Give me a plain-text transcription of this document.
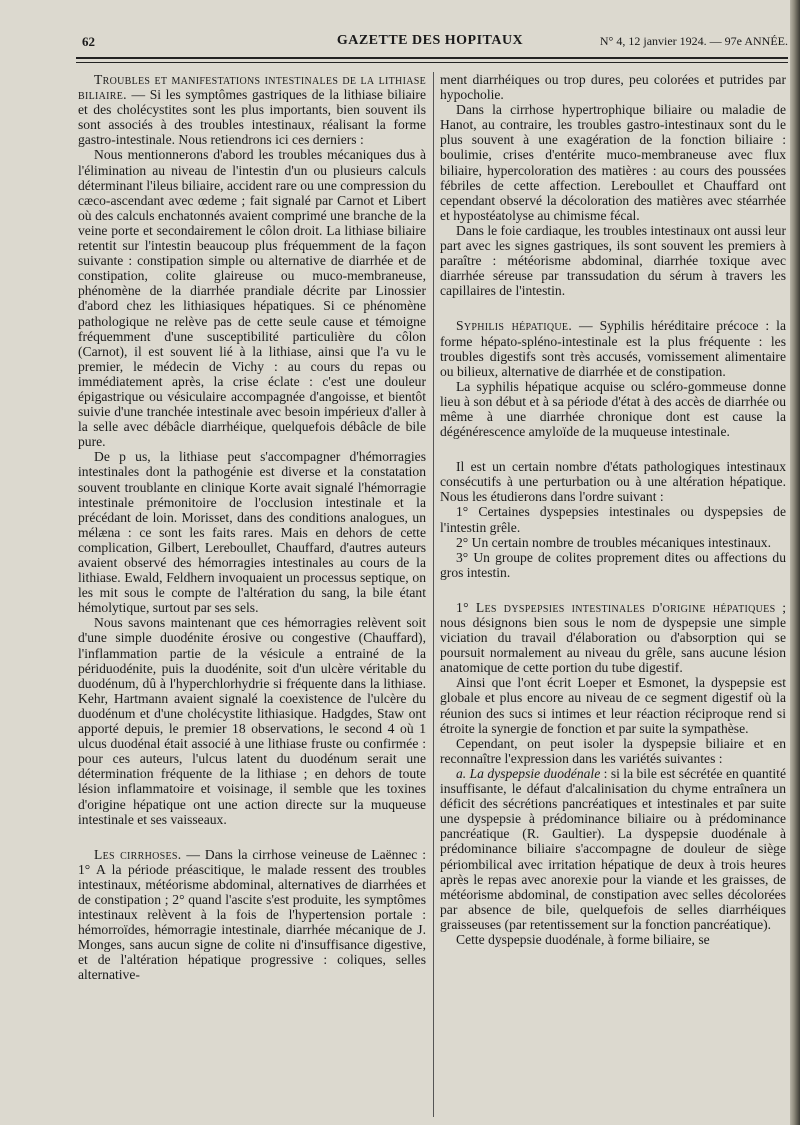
62	GAZETTE DES HOPITAUX	N° 4, 12 janvier 1924. — 97e ANNÉE.

Troubles et manifestations intestinales de la lithiase biliaire. — Si les symptômes gastriques de la lithiase biliaire et des cholécystites sont les plus importants, bien souvent ils sont associés à des troubles intestinaux, réalisant la forme gastro-intestinale. Nous retiendrons ici ces derniers :

Nous mentionnerons d'abord les troubles mécaniques dus à l'élimination au niveau de l'intestin d'un ou plusieurs calculs déterminant l'ileus biliaire, accident rare ou une compression du cæco-ascendant avec œdeme ; fait signalé par Carnot et Libert où des calculs enchatonnés avaient comprimé une branche de la veine porte et secondairement le côlon droit. La lithiase biliaire retentit sur l'intestin beaucoup plus fréquemment de la façon suivante : constipation simple ou alternative de diarrhée et de constipation, colite glaireuse ou muco-membraneuse, phénomène de la diarrhée prandiale décrite par Linossier d'abord chez les lithiasiques hépatiques. Si ce phénomène pathologique ne relève pas de cette seule cause et témoigne fréquemment d'une susceptibilité particulière du côlon (Carnot), il est souvent lié à la lithiase, ainsi que l'a vu le premier, le médecin de Vichy : au cours du repas ou immédiatement après, la crise éclate : c'est une douleur épigastrique ou vésiculaire accompagnée d'angoisse, et bientôt suivie d'une tranchée intestinale avec besoin impérieux d'aller à la selle avec débâcle diarrhéique, quelquefois débâcle de bile pure.

De p us, la lithiase peut s'accompagner d'hémorragies intestinales dont la pathogénie est diverse et la constatation souvent troublante en clinique Korte avait signalé l'hémorragie intestinale prémonitoire de l'occlusion intestinale et la précédant de loin. Morisset, dans des conditions analogues, un mélæna : ce sont les faits rares. Mais en dehors de cette complication, Gilbert, Lereboullet, Chauffard, d'autres auteurs avaient observé des hémorragies intestinales au cours de la lithiase. Ewald, Feldhern invoquaient un processus septique, on les mit sous le compte de l'altération du sang, la bile étant hémolytique, surtout par ses sels.

Nous savons maintenant que ces hémorragies relèvent soit d'une simple duodénite érosive ou congestive (Chauffard), l'inflammation partie de la vésicule a entrainé de la périduodénite, puis la duodénite, soit d'un ulcère véritable du duodénum, dû à l'hyperchlorhydrie si fréquente dans la lithiase. Kehr, Hartmann avaient signalé la coexistence de l'ulcère du duodénum et d'une cholécystite lithiasique. Hadgdes, Staw ont apporté depuis, le premier 18 observations, le second 4 où 1 ulcus duodénal était associé à une lithiase fruste ou confirmée : pour ces auteurs, l'ulcus latent du duodénum serait une détermination fréquente de la lithiase ; en dehors de toute lésion inflammatoire et voisinage, il semble que les toxines d'origine hépatique ont une action directe sur la muqueuse intestinale et ses vaisseaux.

Les cirrhoses. — Dans la cirrhose veineuse de Laënnec : 1° A la période préascitique, le malade ressent des troubles intestinaux, météorisme abdominal, alternatives de diarrhées et de constipation ; 2° quand l'ascite s'est produite, les symptômes intestinaux relèvent à la fois de l'hypertension portale : hémorroïdes, hémorragie intestinale, diarrhée mécanique de J. Monges, sans aucun signe de colite ni d'insuffisance digestive, et de l'altération hépatique progressive : coliques, selles alternative-

ment diarrhéiques ou trop dures, peu colorées et putrides par hypocholie.

Dans la cirrhose hypertrophique biliaire ou maladie de Hanot, au contraire, les troubles gastro-intestinaux sont du le plus souvent à une exagération de la fonction biliaire : boulimie, crises d'entérite muco-membraneuse avec flux biliaire, hypercoloration des matières : au cours des poussées fébriles de cette affection. Lereboullet et Chauffard ont cependant observé la décoloration des matières avec stéarrhée et hypostéatolyse au chimisme fécal.

Dans le foie cardiaque, les troubles intestinaux ont aussi leur part avec les signes gastriques, ils sont souvent les premiers à paraître : météorisme abdominal, diarrhée toxique avec diarrhée séreuse par transsudation du sérum à travers les capillaires de l'intestin.

Syphilis hépatique. — Syphilis héréditaire précoce : la forme hépato-spléno-intestinale est la plus fréquente : les troubles digestifs sont très accusés, vomissement alimentaire ou bilieux, alternative de diarrhée et de constipation.

La syphilis hépatique acquise ou scléro-gommeuse donne lieu à son début et à sa période d'état à des accès de diarrhée ou même à une diarrhée chronique dont est cause la dégénérescence amyloïde de la muqueuse intestinale.

Il est un certain nombre d'états pathologiques intestinaux consécutifs à une perturbation ou à une altération hépatique. Nous les étudierons dans l'ordre suivant :

1° Certaines dyspepsies intestinales ou dyspepsies de l'intestin grêle.

2° Un certain nombre de troubles mécaniques intestinaux.

3° Un groupe de colites proprement dites ou affections du gros intestin.

1° Les dyspepsies intestinales d'origine hépatiques ; nous désignons bien sous le nom de dyspepsie une simple viciation du travail d'élaboration ou d'absorption qui se poursuit normalement au niveau du grêle, sans aucune lésion anatomique de cette portion du tube digestif.

Ainsi que l'ont écrit Loeper et Esmonet, la dyspepsie est globale et plus encore au niveau de ce segment digestif où la réunion des sucs si intimes et leur réaction réciproque rend si étroite la synergie de fonction et par suite la sympathèse.

Cependant, on peut isoler la dyspepsie biliaire et en reconnaître l'expression dans les variétés suivantes :

a. La dyspepsie duodénale : si la bile est sécrétée en quantité insuffisante, le défaut d'alcalinisation du chyme entraînera un déficit des sécrétions pancréatiques et intestinales et par suite une dyspepsie à prédominance biliaire ou à prédominance pancréatique (R. Gaultier). La dyspepsie duodénale à prédominance biliaire s'accompagne de douleur de siège périombilical avec irritation hépatique de deux à trois heures après le repas avec anorexie pour la viande et les graisses, de météorisme abdominal, de constipation avec selles décolorées par absence de bile, quelquefois de selles diarrhéiques graisseuses (par retentissement sur la fonction pancréatique).

Cette dyspepsie duodénale, à forme biliaire, se
